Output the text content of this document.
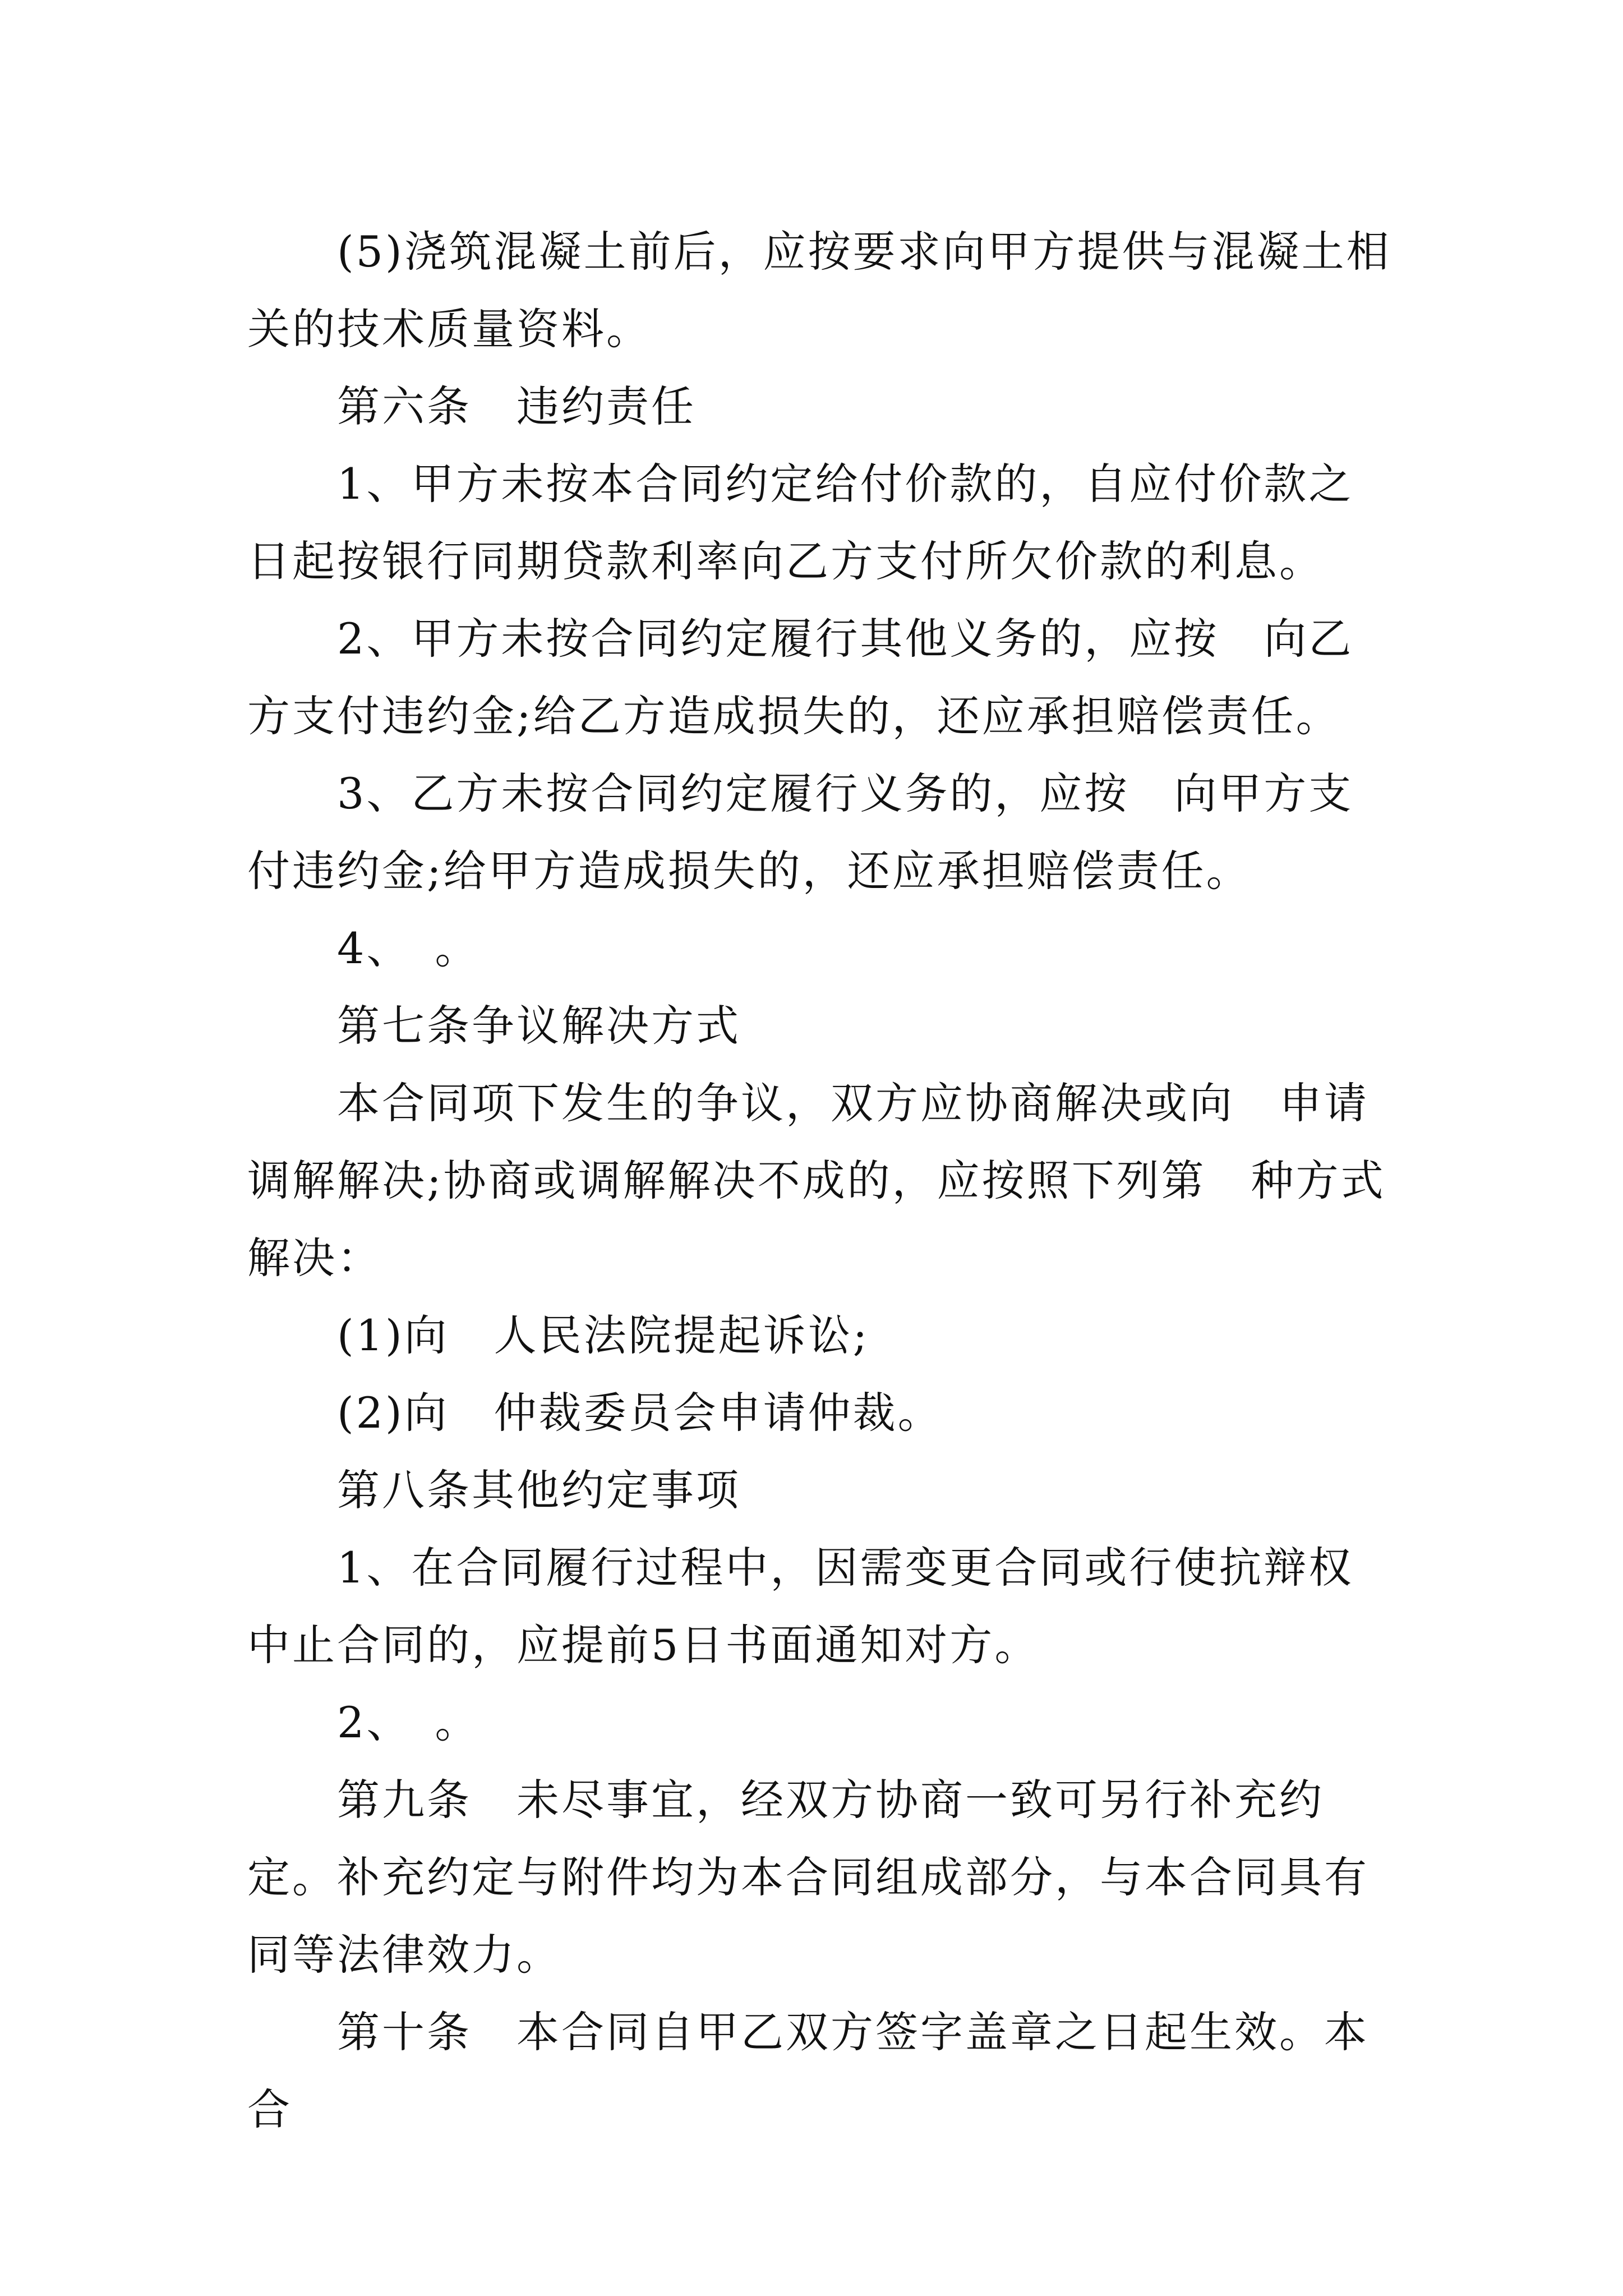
(5)浇筑混凝土前后，应按要求向甲方提供与混凝土相关的技术质量资料。

第六条　违约责任

1、甲方未按本合同约定给付价款的，自应付价款之日起按银行同期贷款利率向乙方支付所欠价款的利息。

2、甲方未按合同约定履行其他义务的，应按　向乙方支付违约金;给乙方造成损失的，还应承担赔偿责任。

3、乙方未按合同约定履行义务的，应按　向甲方支付违约金;给甲方造成损失的，还应承担赔偿责任。

4、　。

第七条争议解决方式

本合同项下发生的争议，双方应协商解决或向　申请调解解决;协商或调解解决不成的，应按照下列第　种方式解决：

(1)向　人民法院提起诉讼;

(2)向　仲裁委员会申请仲裁。

第八条其他约定事项

1、在合同履行过程中，因需变更合同或行使抗辩权中止合同的，应提前5日书面通知对方。

2、　。

第九条　未尽事宜，经双方协商一致可另行补充约定。补充约定与附件均为本合同组成部分，与本合同具有同等法律效力。

第十条　本合同自甲乙双方签字盖章之日起生效。本合
